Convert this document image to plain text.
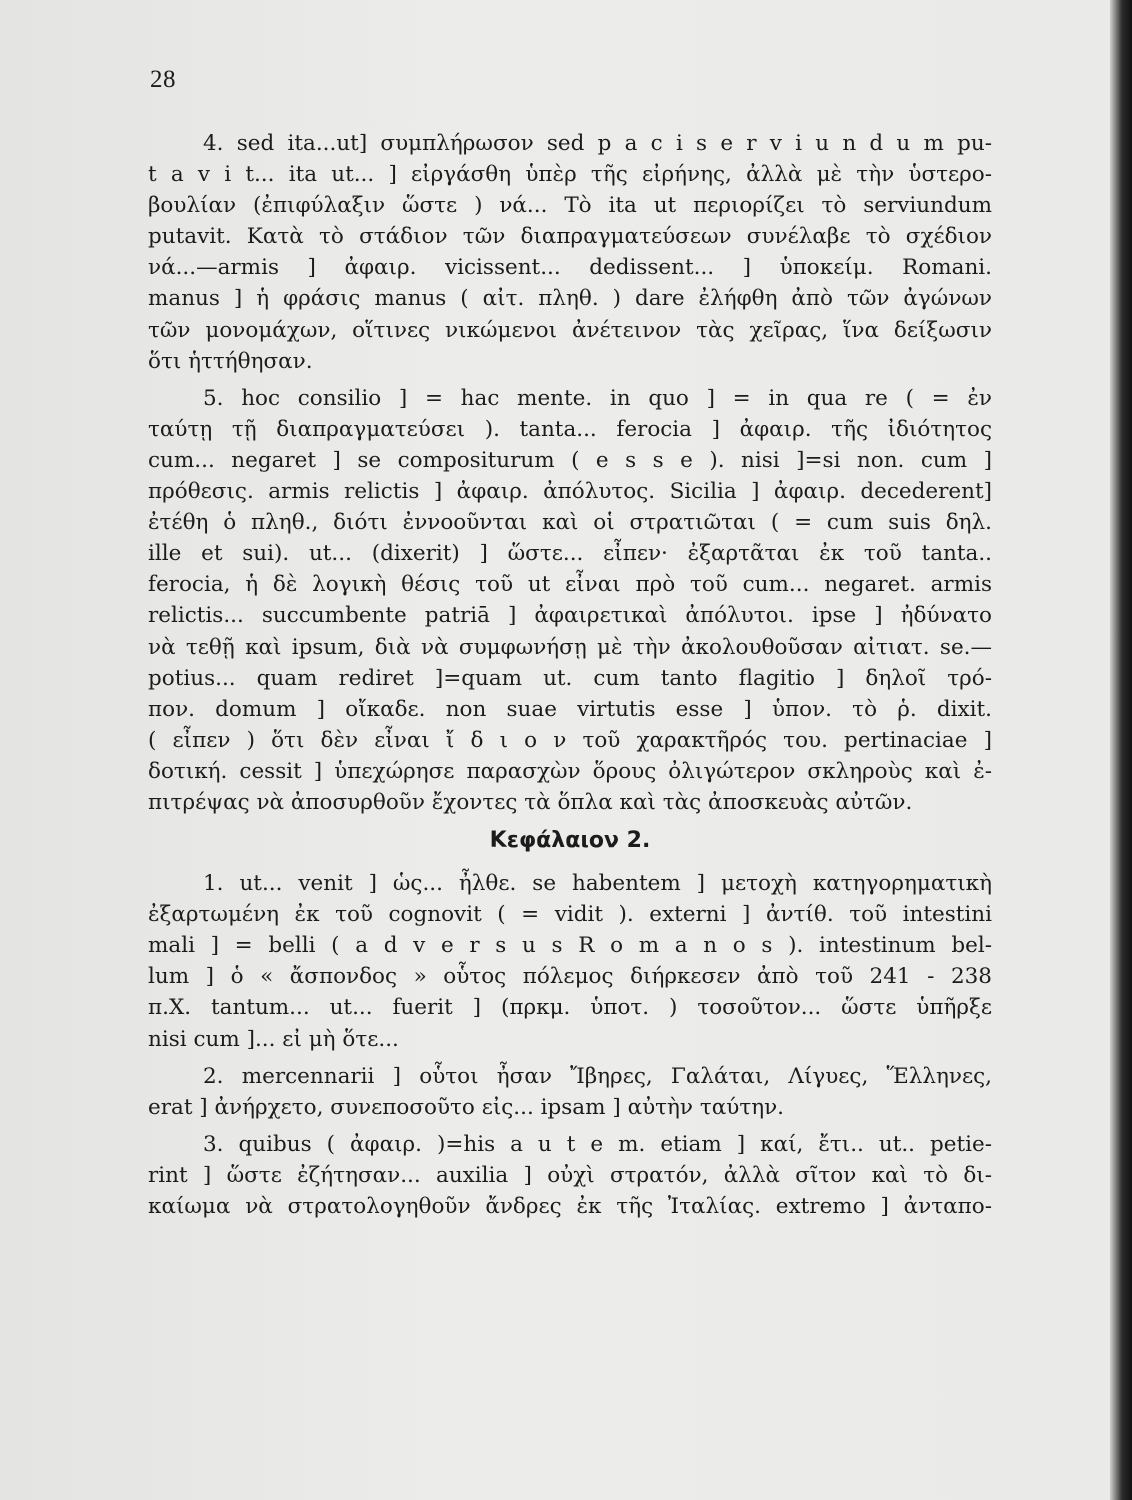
28
4. sed ita...ut] συμπλήρωσον sed p a c i s e r v i u n d u m pu-
t a v i t... ita ut... ] εἰργάσθη ὑπὲρ τῆς εἰρήνης, ἀλλὰ μὲ τὴν ὑστερο-
βουλίαν (ἐπιφύλαξιν ὥστε ) νά... Τὸ ita ut περιορίζει τὸ serviundum
putavit. Κατὰ τὸ στάδιον τῶν διαπραγματεύσεων συνέλαβε τὸ σχέδιον
νά...—armis ] ἀφαιρ. vicissent... dedissent... ] ὑποκείμ. Romani.
manus ] ἡ φράσις manus ( αἰτ. πληθ. ) dare ἐλήφθη ἀπὸ τῶν ἀγώνων
τῶν μονομάχων, οἵτινες νικώμενοι ἀνέτεινον τὰς χεῖρας, ἵνα δείξωσιν
ὅτι ἡττήθησαν.
5. hoc consilio ] = hac mente. in quo ] = in qua re ( = ἐν
ταύτῃ τῇ διαπραγματεύσει ). tanta... ferocia ] ἀφαιρ. τῆς ἰδιότητος
cum... negaret ] se compositurum ( e s s e ). nisi ]=si non. cum ]
πρόθεσις. armis relictis ] ἀφαιρ. ἀπόλυτος. Sicilia ] ἀφαιρ. decederent]
ἐτέθη ὁ πληθ., διότι ἐννοοῦνται καὶ οἱ στρατιῶται ( = cum suis δηλ.
ille et sui). ut... (dixerit) ] ὥστε... εἶπεν· ἐξαρτᾶται ἐκ τοῦ tanta..
ferocia, ἡ δὲ λογικὴ θέσις τοῦ ut εἶναι πρὸ τοῦ cum... negaret. armis
relictis... succumbente patriā ] ἀφαιρετικαὶ ἀπόλυτοι. ipse ] ἠδύνατο
νὰ τεθῇ καὶ ipsum, διὰ νὰ συμφωνήσῃ μὲ τὴν ἀκολουθοῦσαν αἰτιατ. se.—
potius... quam rediret ]=quam ut. cum tanto flagitio ] δηλοῖ τρό-
πον. domum ] οἴκαδε. non suae virtutis esse ] ὑπον. τὸ ῥ. dixit.
( εἶπεν ) ὅτι δὲν εἶναι ἴ δ ι ο ν τοῦ χαρακτῆρός του. pertinaciae ]
δοτική. cessit ] ὑπεχώρησε παρασχὼν ὅρους ὀλιγώτερον σκληροὺς καὶ ἐ-
πιτρέψας νὰ ἀποσυρθοῦν ἔχοντες τὰ ὅπλα καὶ τὰς ἀποσκευὰς αὐτῶν.
Κεφάλαιον 2.
1. ut... venit ] ὡς... ἦλθε. se habentem ] μετοχὴ κατηγορηματικὴ
ἐξαρτωμένη ἐκ τοῦ cognovit ( = vidit ). externi ] ἀντίθ. τοῦ intestini
mali ] = belli ( a d v e r s u s R o m a n o s ). intestinum bel-
lum ] ὁ « ἄσπονδος » οὗτος πόλεμος διήρκεσεν ἀπὸ τοῦ 241 - 238
π.Χ. tantum... ut... fuerit ] (πρκμ. ὑποτ. ) τοσοῦτον... ὥστε ὑπῆρξε
nisi cum ]... εἰ μὴ ὅτε...
2. mercennarii ] οὗτοι ἦσαν Ἴβηρες, Γαλάται, Λίγυες, Ἕλληνες,
erat ] ἀνήρχετο, συνεποσοῦτο εἰς... ipsam ] αὐτὴν ταύτην.
3. quibus ( ἀφαιρ. )=his a u t e m. etiam ] καί, ἔτι.. ut.. petie-
rint ] ὥστε ἐζήτησαν... auxilia ] οὐχὶ στρατόν, ἀλλὰ σῖτον καὶ τὸ δι-
καίωμα νὰ στρατολογηθοῦν ἄνδρες ἐκ τῆς Ἰταλίας. extremo ] ἀνταπο-
